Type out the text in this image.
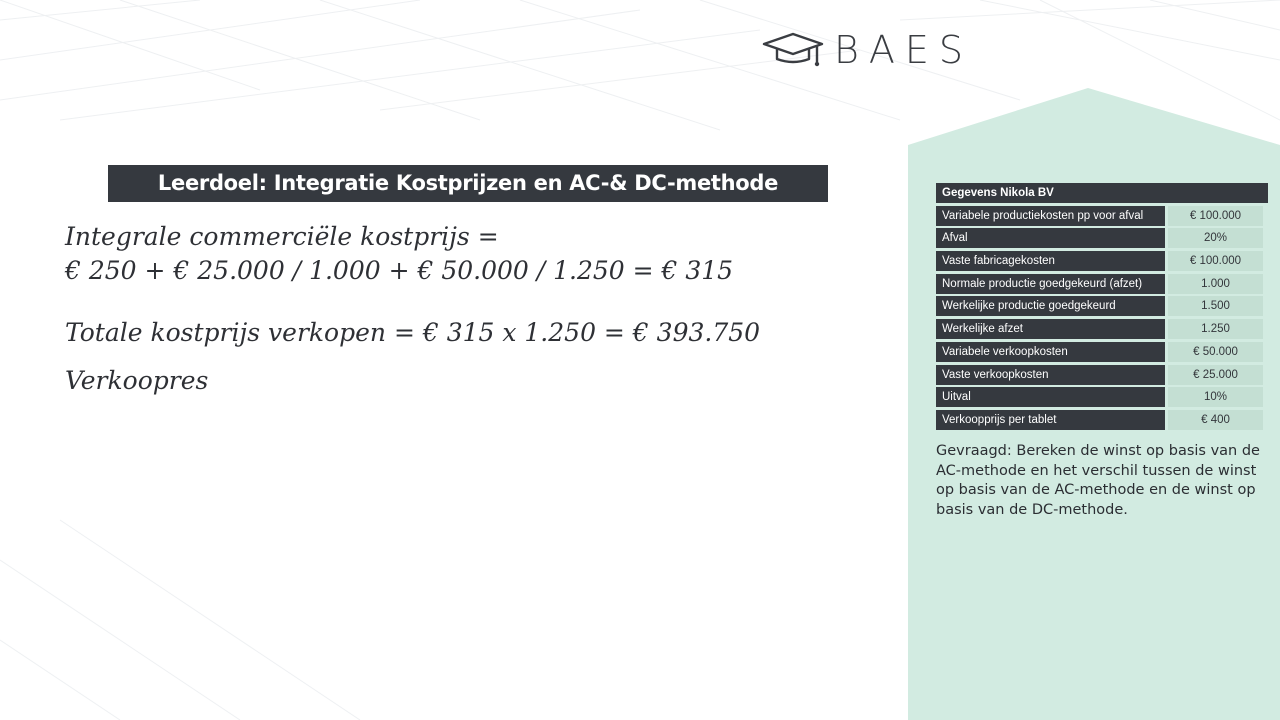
BAES
Leerdoel: Integratie Kostprijzen en AC-& DC-methode
Integrale commerciële kostprijs =
€ 250 + € 25.000 / 1.000 + € 50.000 / 1.250 = € 315
Totale kostprijs verkopen = € 315 x 1.250 = € 393.750
Verkoopres
Gegevens Nikola BV
Variabele productiekosten pp voor afval	€ 100.000
Afval	20%
Vaste fabricagekosten	€ 100.000
Normale productie goedgekeurd (afzet)	1.000
Werkelijke productie goedgekeurd	1.500
Werkelijke afzet	1.250
Variabele verkoopkosten	€ 50.000
Vaste verkoopkosten	€ 25.000
Uitval	10%
Verkoopprijs per tablet	€ 400
Gevraagd: Bereken de winst op basis van de AC-methode en het verschil tussen de winst op basis van de AC-methode en de winst op basis van de DC-methode.
